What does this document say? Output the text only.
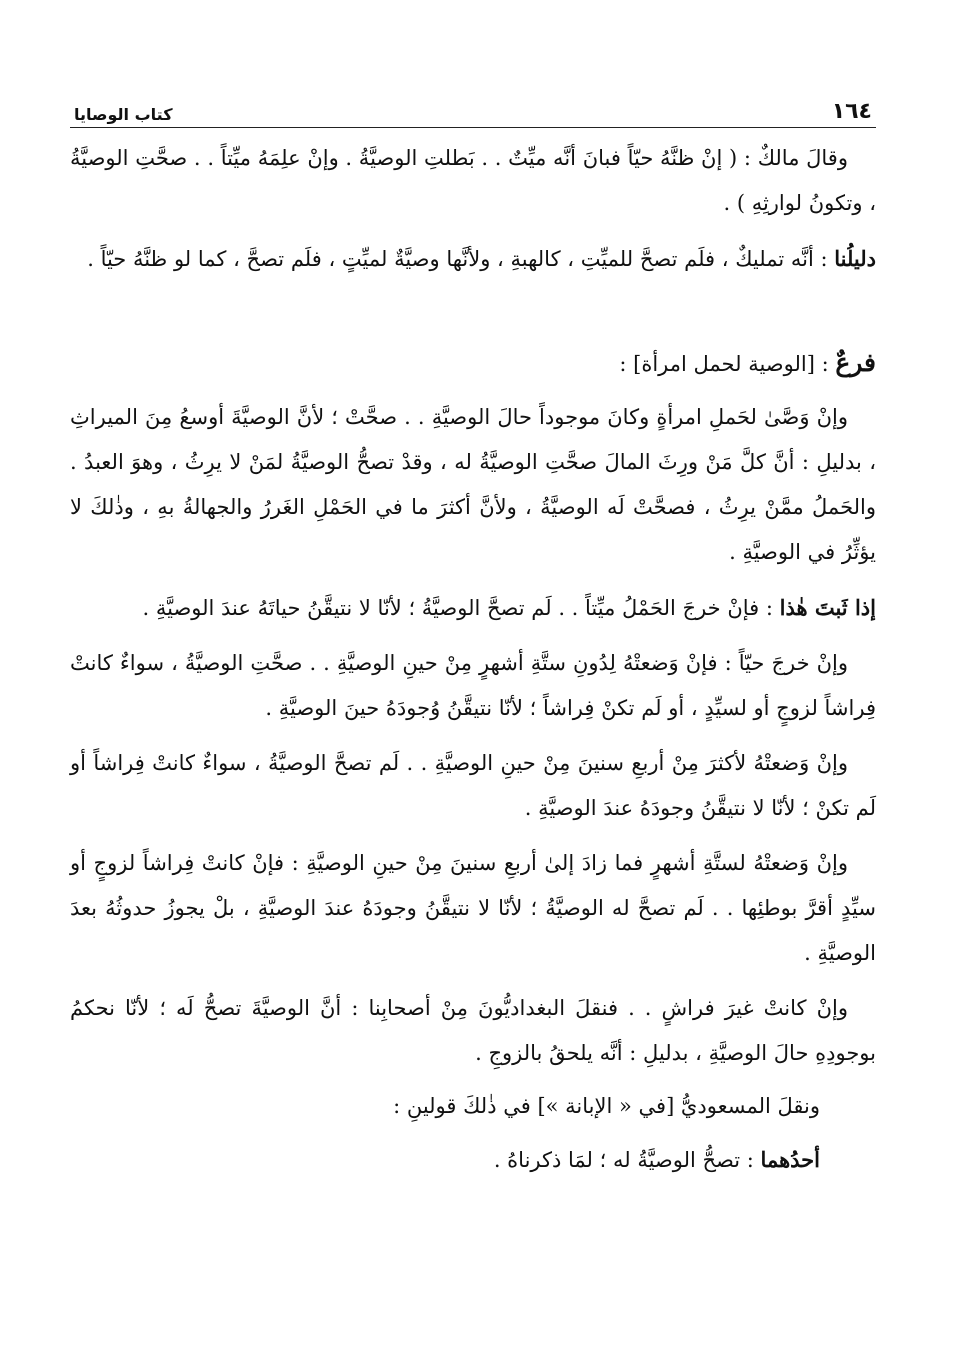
١٦٤
كتاب الوصايا

وقالَ مالكٌ : ( إنْ ظنَّهُ حيّاً فبانَ أنَّه ميِّتٌ . . بَطلتِ الوصيَّةُ . وإنْ علِمَهُ ميِّتاً . . صحَّتِ الوصيَّةُ ، وتكونُ لوارثِهِ ) .

دليلُنا : أنَّه تمليكٌ ، فلَم تصحَّ للميِّتِ ، كالهبةِ ، ولأنَّها وصيَّةٌ لميِّتٍ ، فلَم تصحَّ ، كما لو ظنَّهُ حيّاً .

فرعٌ : [الوصية لحمل امرأة] :

وإنْ وَصَّىٰ لحَملِ امرأةٍ وكانَ موجوداً حالَ الوصيَّةِ . . صحَّتْ ؛ لأنَّ الوصيَّةَ أوسعُ مِنَ الميراثِ ، بدليلِ : أنَّ كلَّ مَنْ ورِثَ المالَ صحَّتِ الوصيَّةُ له ، وقدْ تصحُّ الوصيَّةُ لمَنْ لا يرِثُ ، وهوَ العبدُ . والحَملُ ممَّنْ يرِثُ ، فصحَّتْ لَه الوصيَّةُ ، ولأنَّ أكثرَ ما في الحَمْلِ الغَررُ والجهالةُ بهِ ، وذٰلكَ لا يؤثِّرُ في الوصيَّةِ .

إذا ثَبتَ هٰذا : فإنْ خرجَ الحَمْلُ ميِّتاً . . لَم تصحَّ الوصيَّةُ ؛ لأنّا لا نتيقَّنُ حياتَهُ عندَ الوصيَّةِ .

وإنْ خرجَ حيّاً : فإنْ وَضعتْهُ لِدُونِ ستَّةِ أشهرٍ مِنْ حينِ الوصيَّةِ . . صحَّتِ الوصيَّةُ ، سواءٌ كانتْ فِراشاً لزوجٍ أو لسيِّدٍ ، أو لَم تكنْ فِراشاً ؛ لأنّا نتيقَّنُ وُجودَهُ حينَ الوصيَّةِ .

وإنْ وَضعتْهُ لأكثرَ مِنْ أربعِ سنينَ مِنْ حينِ الوصيَّةِ . . لَم تصحَّ الوصيَّةُ ، سواءٌ كانتْ فِراشاً أو لَم تكنْ ؛ لأنّا لا نتيقَّنُ وجودَهُ عندَ الوصيَّةِ .

وإنْ وَضعتْهُ لستَّةِ أشهرٍ فما زادَ إلىٰ أربعِ سنينَ مِنْ حينِ الوصيَّةِ : فإنْ كانتْ فِراشاً لزوجٍ أو سيِّدٍ أقرَّ بوطئِها . . لَم تصحَّ له الوصيَّةُ ؛ لأنّا لا نتيقَّنُ وجودَهُ عندَ الوصيَّةِ ، بلْ يجوزُ حدوثُهُ بعدَ الوصيَّةِ .

وإنْ كانتْ غيرَ فراشٍ . . فنقلَ البغداديُّونَ مِنْ أصحابِنا : أنَّ الوصيَّةَ تصحُّ لَه ؛ لأنّا نحكمُ بوجودِهِ حالَ الوصيَّةِ ، بدليلِ : أنَّه يلحقُ بالزوجِ .

ونقلَ المسعوديُّ [في « الإبانة »] في ذٰلكَ قولينِ :

أحدُهما : تصحُّ الوصيَّةُ له ؛ لمَا ذكرناهُ .
